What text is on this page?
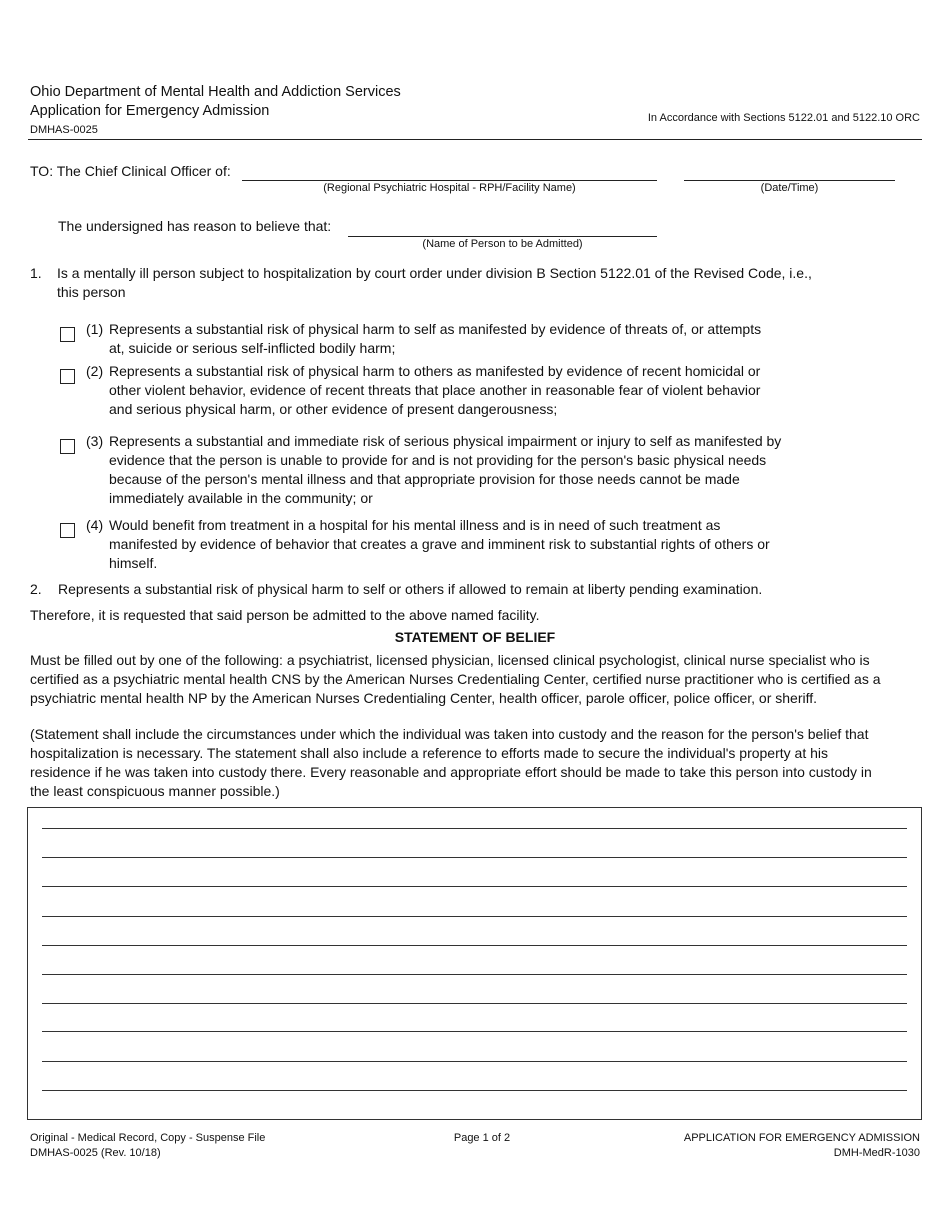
Ohio Department of Mental Health and Addiction Services
Application for Emergency Admission
DMHAS-0025
In Accordance with Sections 5122.01 and 5122.10 ORC
TO: The Chief Clinical Officer of:
(Regional Psychiatric Hospital - RPH/Facility Name)	(Date/Time)
The undersigned has reason to believe that:
(Name of Person to be Admitted)
1. Is a mentally ill person subject to hospitalization by court order under division B Section 5122.01 of the Revised Code, i.e.,
this person
(1) Represents a substantial risk of physical harm to self as manifested by evidence of threats of, or attempts
at, suicide or serious self-inflicted bodily harm;
(2) Represents a substantial risk of physical harm to others as manifested by evidence of recent homicidal or
other violent behavior, evidence of recent threats that place another in reasonable fear of violent behavior
and serious physical harm, or other evidence of present dangerousness;
(3) Represents a substantial and immediate risk of serious physical impairment or injury to self as manifested by
evidence that the person is unable to provide for and is not providing for the person's basic physical needs
because of the person's mental illness and that appropriate provision for those needs cannot be made
immediately available in the community; or
(4) Would benefit from treatment in a hospital for his mental illness and is in need of such treatment as
manifested by evidence of behavior that creates a grave and imminent risk to substantial rights of others or
himself.
2. Represents a substantial risk of physical harm to self or others if allowed to remain at liberty pending examination.
Therefore, it is requested that said person be admitted to the above named facility.
STATEMENT OF BELIEF
Must be filled out by one of the following: a psychiatrist, licensed physician, licensed clinical psychologist, clinical nurse specialist who is
certified as a psychiatric mental health CNS by the American Nurses Credentialing Center, certified nurse practitioner who is certified as a
psychiatric mental health NP by the American Nurses Credentialing Center, health officer, parole officer, police officer, or sheriff.
(Statement shall include the circumstances under which the individual was taken into custody and the reason for the person's belief that
hospitalization is necessary. The statement shall also include a reference to efforts made to secure the individual's property at his
residence if he was taken into custody there. Every reasonable and appropriate effort should be made to take this person into custody in
the least conspicuous manner possible.)
Original - Medical Record, Copy - Suspense File
DMHAS-0025 (Rev. 10/18)
Page 1 of 2	APPLICATION FOR EMERGENCY ADMISSION
DMH-MedR-1030
